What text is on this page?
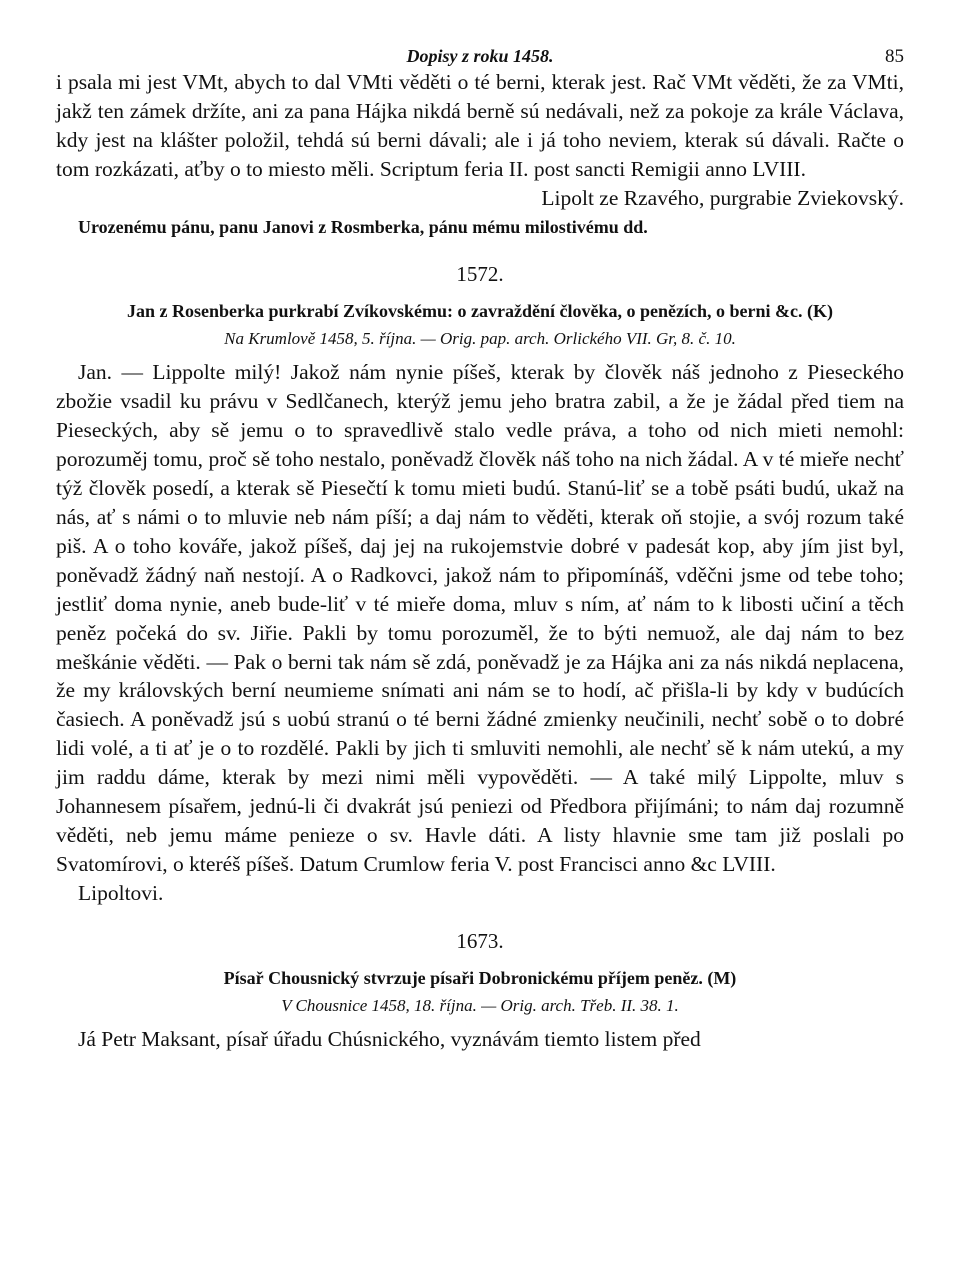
Dopisy z roku 1458.	85

i psala mi jest VMt, abych to dal VMti věděti o té berni, kterak jest. Rač VMt věděti, že za VMti, jakž ten zámek držíte, ani za pana Hájka nikdá berně sú nedávali, než za pokoje za krále Václava, kdy jest na klášter položil, tehdá sú berni dávali; ale i já toho neviem, kterak sú dávali. Račte o tom rozkázati, aťby o to miesto měli. Scriptum feria II. post sancti Remigii anno LVIII.

Lipolt ze Rzavého, purgrabie Zviekovský.

Urozenému pánu, panu Janovi z Rosmberka, pánu mému milostivému dd.

1572.
Jan z Rosenberka purkrabí Zvíkovskému: o zavraždění člověka, o penězích, o berni &c. (K)
Na Krumlově 1458, 5. října. — Orig. pap. arch. Orlického VII. Gr, 8. č. 10.

Jan. — Lippolte milý! Jakož nám nynie píšeš, kterak by člověk náš jednoho z Pieseckého zbožie vsadil ku právu v Sedlčanech, kterýž jemu jeho bratra zabil, a že je žádal před tiem na Pieseckých, aby sě jemu o to spravedlivě stalo vedle práva, a toho od nich mieti nemohl: porozuměj tomu, proč sě toho nestalo, poněvadž člověk náš toho na nich žádal. A v té mieře nechť týž člověk posedí, a kterak sě Piesečtí k tomu mieti budú. Stanú-liť se a tobě psáti budú, ukaž na nás, ať s námi o to mluvie neb nám píší; a daj nám to věděti, kterak oň stojie, a svój rozum také piš. A o toho kováře, jakož píšeš, daj jej na rukojemstvie dobré v padesát kop, aby jím jist byl, poněvadž žádný naň nestojí. A o Radkovci, jakož nám to připomínáš, vděčni jsme od tebe toho; jestliť doma nynie, aneb bude-liť v té mieře doma, mluv s ním, ať nám to k libosti učiní a těch peněz počeká do sv. Jiřie. Pakli by tomu porozuměl, že to býti nemuož, ale daj nám to bez meškánie věděti. — Pak o berni tak nám sě zdá, poněvadž je za Hájka ani za nás nikdá neplacena, že my královských berní neumieme snímati ani nám se to hodí, ač přišla-li by kdy v budúcích časiech. A poněvadž jsú s uobú stranú o té berni žádné zmienky neučinili, nechť sobě o to dobré lidi volé, a ti ať je o to rozdělé. Pakli by jich ti smluviti nemohli, ale nechť sě k nám utekú, a my jim raddu dáme, kterak by mezi nimi měli vypověděti. — A také milý Lippolte, mluv s Johannesem písařem, jednú-li či dvakrát jsú peniezi od Předbora přijímáni; to nám daj rozumně věděti, neb jemu máme penieze o sv. Havle dáti. A listy hlavnie sme tam již poslali po Svatomírovi, o kteréš píšeš. Datum Crumlow feria V. post Francisci anno &c LVIII.

Lipoltovi.

1673.
Písař Chousnický stvrzuje písaři Dobronickému příjem peněz. (M)
V Chousnice 1458, 18. října. — Orig. arch. Třeb. II. 38. 1.

Já Petr Maksant, písař úřadu Chúsnického, vyznávám tiemto listem před
